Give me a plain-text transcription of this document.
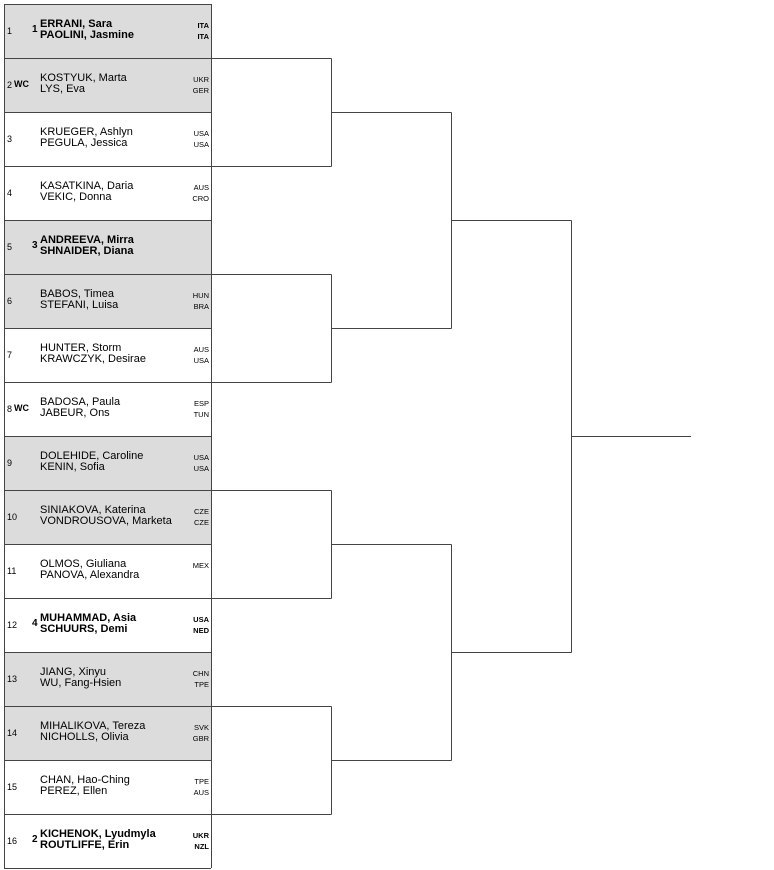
1 1 ERRANI, Sara
PAOLINI, Jasmine
ITA
ITA
2 WC KOSTYUK, Marta
LYS, Eva
UKR
GER
3
KRUEGER, Ashlyn
PEGULA, Jessica
USA
USA
4
KASATKINA, Daria
VEKIC, Donna
AUS
CRO
5 3 ANDREEVA, Mirra
SHNAIDER, Diana
6
BABOS, Timea
STEFANI, Luisa
HUN
BRA
7
HUNTER, Storm
KRAWCZYK, Desirae
AUS
USA
8 WC BADOSA, Paula
JABEUR, Ons
ESP
TUN
9
DOLEHIDE, Caroline
KENIN, Sofia
USA
USA
10
SINIAKOVA, Katerina
VONDROUSOVA, Marketa
CZE
CZE
11
OLMOS, Giuliana
PANOVA, Alexandra
MEX
12 4 MUHAMMAD, Asia
SCHUURS, Demi
USA
NED
13
JIANG, Xinyu
WU, Fang-Hsien
CHN
TPE
14
MIHALIKOVA, Tereza
NICHOLLS, Olivia
SVK
GBR
15
CHAN, Hao-Ching
PEREZ, Ellen
TPE
AUS
16 2 KICHENOK, Lyudmyla
ROUTLIFFE, Erin
UKR
NZL
